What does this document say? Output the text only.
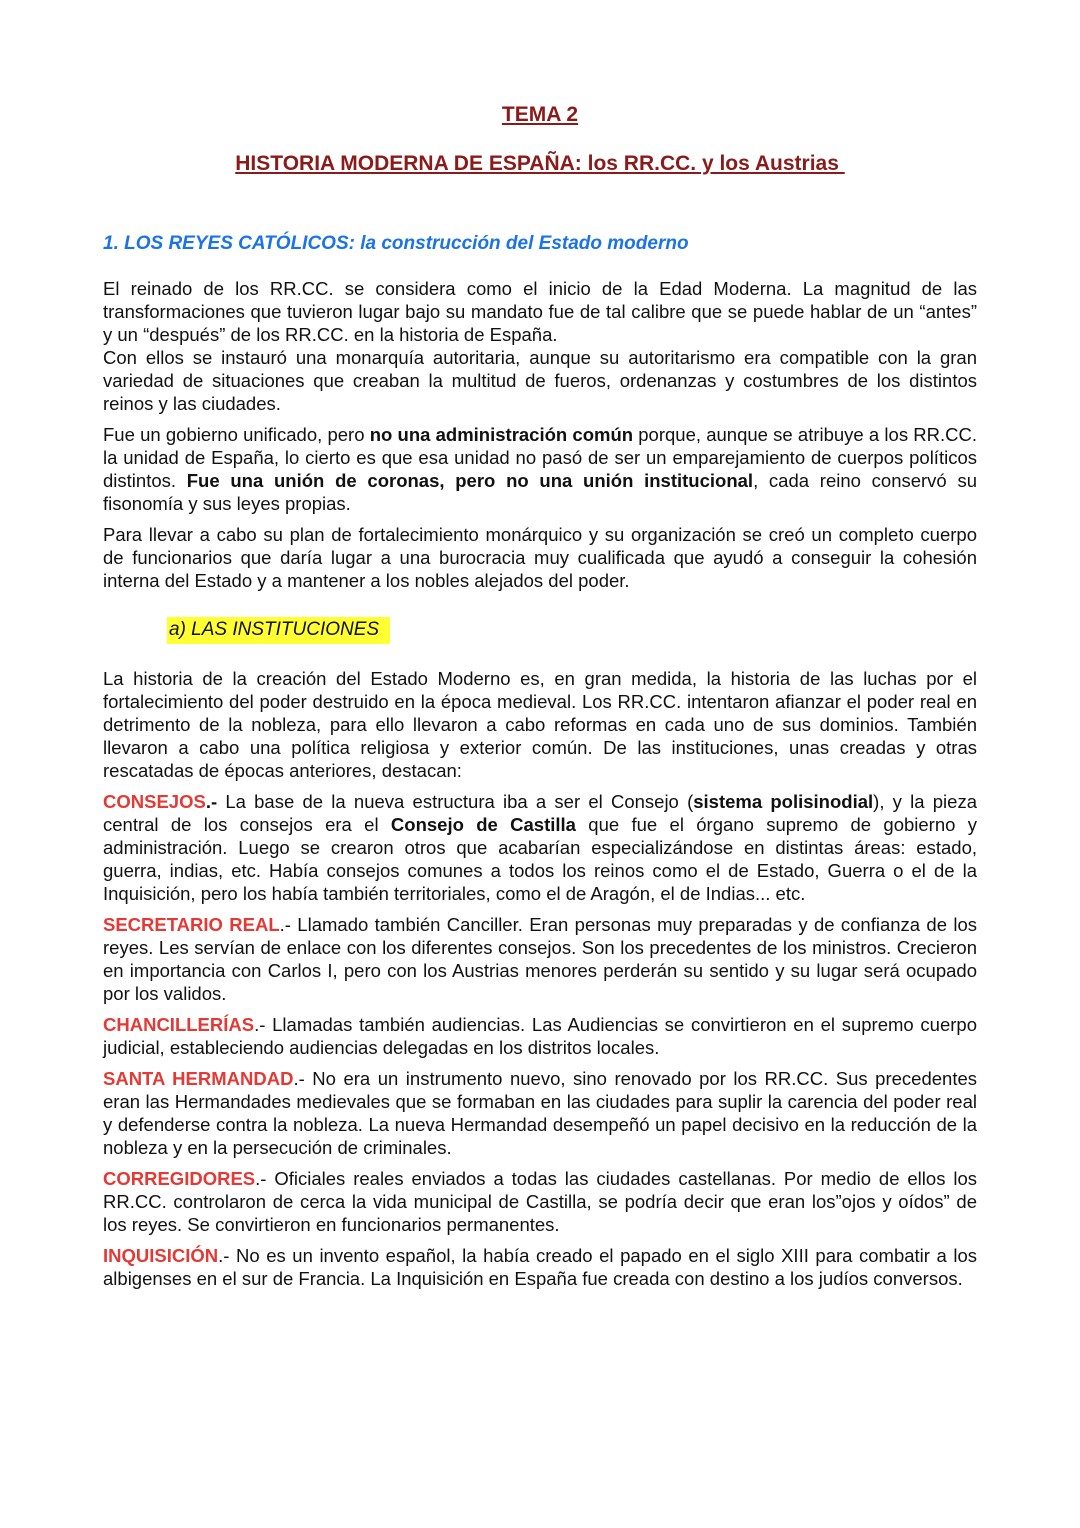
TEMA 2
HISTORIA MODERNA DE ESPAÑA: los RR.CC. y los Austrias
1. LOS REYES CATÓLICOS: la construcción del Estado moderno

El reinado de los RR.CC. se considera como el inicio de la Edad Moderna. La magnitud de las transformaciones que tuvieron lugar bajo su mandato fue de tal calibre que se puede hablar de un “antes” y un “después” de los RR.CC. en la historia de España.

Con ellos se instauró una monarquía autoritaria, aunque su autoritarismo era compatible con la gran variedad de situaciones que creaban la multitud de fueros, ordenanzas y costumbres de los distintos reinos y las ciudades.

Fue un gobierno unificado, pero no una administración común porque, aunque se atribuye a los RR.CC. la unidad de España, lo cierto es que esa unidad no pasó de ser un emparejamiento de cuerpos políticos distintos. Fue una unión de coronas, pero no una unión institucional, cada reino conservó su fisonomía y sus leyes propias.

Para llevar a cabo su plan de fortalecimiento monárquico y su organización se creó un completo cuerpo de funcionarios que daría lugar a una burocracia muy cualificada que ayudó a conseguir la cohesión interna del Estado y a mantener a los nobles alejados del poder.

a) LAS INSTITUCIONES

La historia de la creación del Estado Moderno es, en gran medida, la historia de las luchas por el fortalecimiento del poder destruido en la época medieval. Los RR.CC. intentaron afianzar el poder real en detrimento de la nobleza, para ello llevaron a cabo reformas en cada uno de sus dominios. También llevaron a cabo una política religiosa y exterior común. De las instituciones, unas creadas y otras rescatadas de épocas anteriores, destacan:

CONSEJOS.- La base de la nueva estructura iba a ser el Consejo (sistema polisinodial), y la pieza central de los consejos era el Consejo de Castilla que fue el órgano supremo de gobierno y administración. Luego se crearon otros que acabarían especializándose en distintas áreas: estado, guerra, indias, etc. Había consejos comunes a todos los reinos como el de Estado, Guerra o el de la Inquisición, pero los había también territoriales, como el de Aragón, el de Indias... etc.

SECRETARIO REAL.- Llamado también Canciller. Eran personas muy preparadas y de confianza de los reyes. Les servían de enlace con los diferentes consejos. Son los precedentes de los ministros. Crecieron en importancia con Carlos I, pero con los Austrias menores perderán su sentido y su lugar será ocupado por los validos.

CHANCILLERÍAS.- Llamadas también audiencias. Las Audiencias se convirtieron en el supremo cuerpo judicial, estableciendo audiencias delegadas en los distritos locales.

SANTA HERMANDAD.- No era un instrumento nuevo, sino renovado por los RR.CC. Sus precedentes eran las Hermandades medievales que se formaban en las ciudades para suplir la carencia del poder real y defenderse contra la nobleza. La nueva Hermandad desempeñó un papel decisivo en la reducción de la nobleza y en la persecución de criminales.

CORREGIDORES.- Oficiales reales enviados a todas las ciudades castellanas. Por medio de ellos los RR.CC. controlaron de cerca la vida municipal de Castilla, se podría decir que eran los”ojos y oídos” de los reyes. Se convirtieron en funcionarios permanentes.

INQUISICIÓN.- No es un invento español, la había creado el papado en el siglo XIII para combatir a los albigenses en el sur de Francia. La Inquisición en España fue creada con destino a los judíos conversos.
